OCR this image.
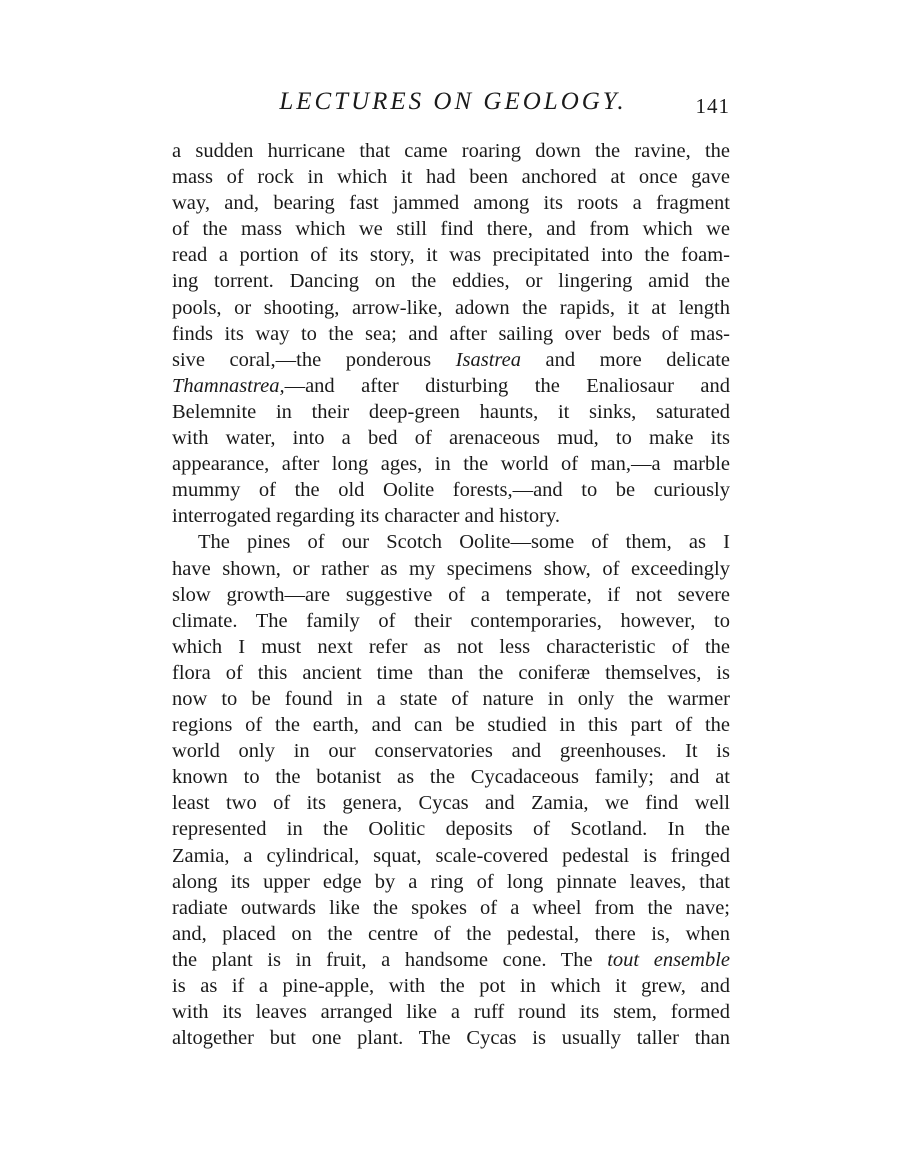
LECTURES ON GEOLOGY.	141
a sudden hurricane that came roaring down the ravine, the
mass of rock in which it had been anchored at once gave
way, and, bearing fast jammed among its roots a fragment
of the mass which we still find there, and from which we
read a portion of its story, it was precipitated into the foam-
ing torrent. Dancing on the eddies, or lingering amid the
pools, or shooting, arrow-like, adown the rapids, it at length
finds its way to the sea; and after sailing over beds of mas-
sive coral,—the ponderous Isastrea and more delicate
Thamnastrea,—and after disturbing the Enaliosaur and
Belemnite in their deep-green haunts, it sinks, saturated
with water, into a bed of arenaceous mud, to make its
appearance, after long ages, in the world of man,—a marble
mummy of the old Oolite forests,—and to be curiously
interrogated regarding its character and history.
The pines of our Scotch Oolite—some of them, as I
have shown, or rather as my specimens show, of exceedingly
slow growth—are suggestive of a temperate, if not severe
climate. The family of their contemporaries, however, to
which I must next refer as not less characteristic of the
flora of this ancient time than the coniferæ themselves, is
now to be found in a state of nature in only the warmer
regions of the earth, and can be studied in this part of the
world only in our conservatories and greenhouses. It is
known to the botanist as the Cycadaceous family; and at
least two of its genera, Cycas and Zamia, we find well
represented in the Oolitic deposits of Scotland. In the
Zamia, a cylindrical, squat, scale-covered pedestal is fringed
along its upper edge by a ring of long pinnate leaves, that
radiate outwards like the spokes of a wheel from the nave;
and, placed on the centre of the pedestal, there is, when
the plant is in fruit, a handsome cone. The tout ensemble
is as if a pine-apple, with the pot in which it grew, and
with its leaves arranged like a ruff round its stem, formed
altogether but one plant. The Cycas is usually taller than
